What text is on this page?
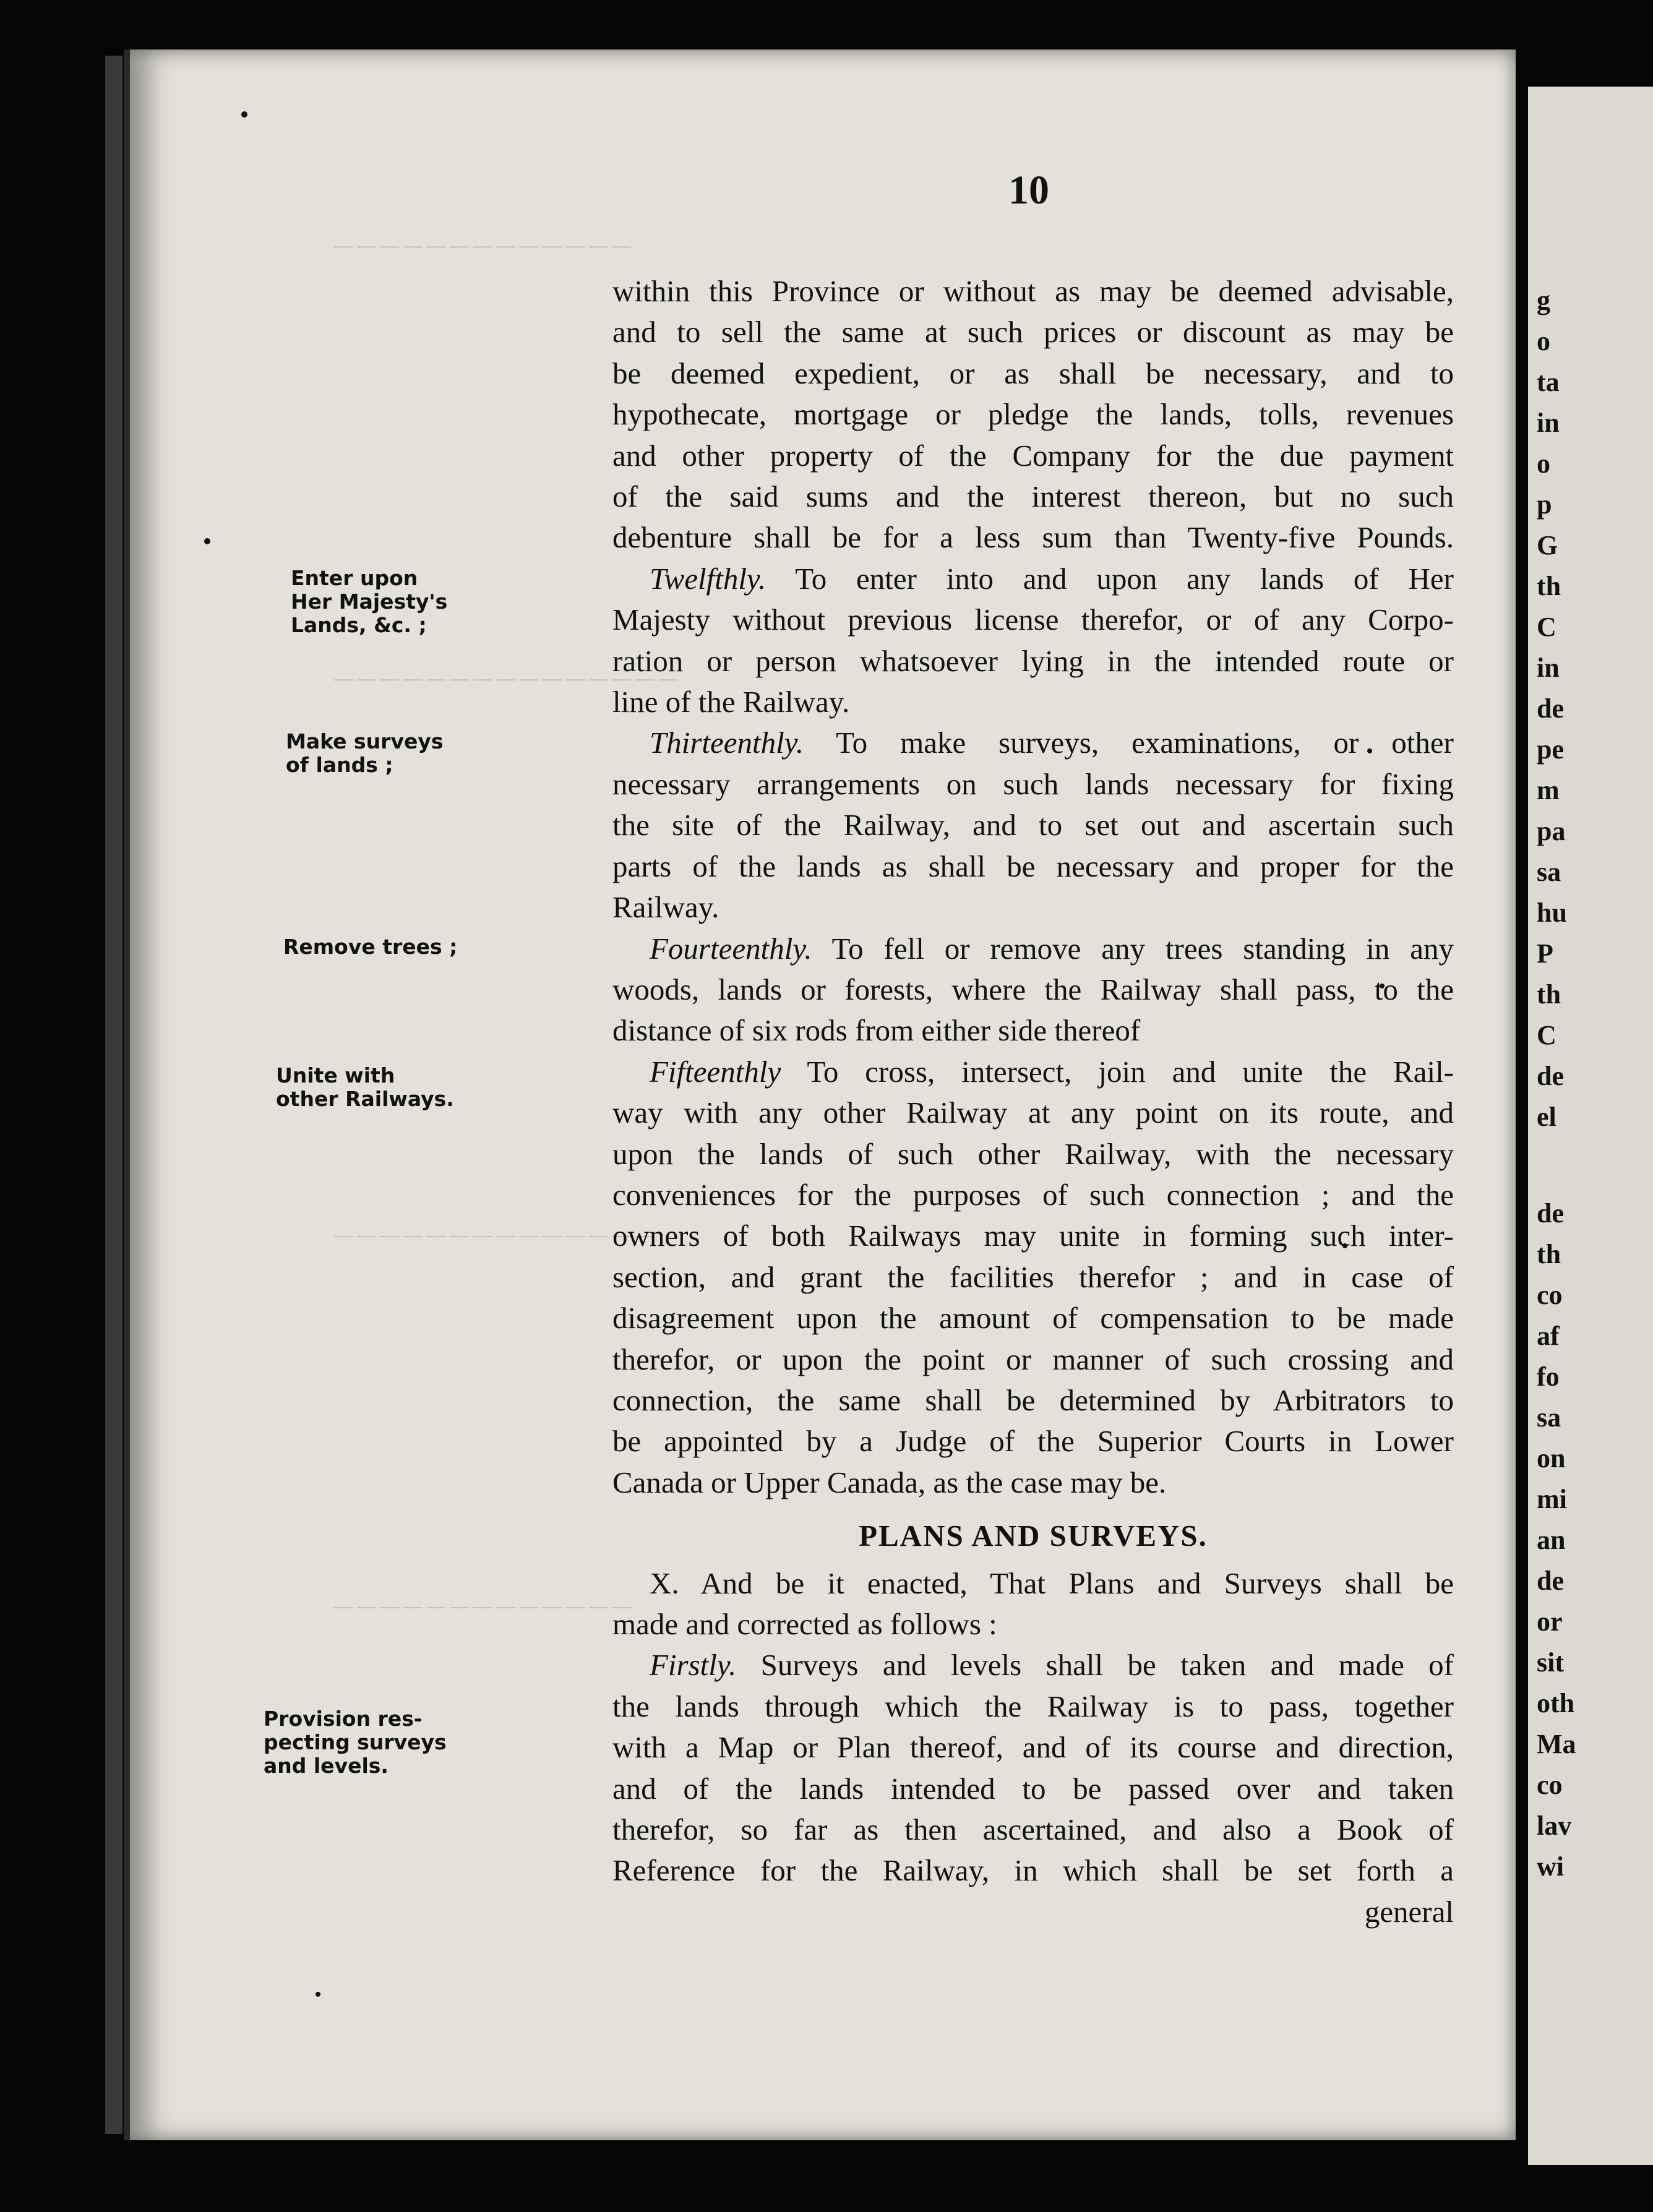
10
— — — — — — — — — — — — —
— — — — — — — — — — — — — — —
— — — — — — — — — — — — — —
— — — — — — — — — — — — —
Enter upon
Her Majesty's
Lands, &c. ;
Make surveys
of lands ;
Remove trees ;
Unite with
other Railways.
Provision res-
pecting surveys
and levels.
within this Province or without as may be deemed advisable,
and to sell the same at such prices or discount as may be
be deemed expedient, or as shall be necessary, and to
hypothecate, mortgage or pledge the lands, tolls, revenues
and other property of the Company for the due payment
of the said sums and the interest thereon, but no such
debenture shall be for a less sum than Twenty-five Pounds.
Twelfthly. To enter into and upon any lands of Her
Majesty without previous license therefor, or of any Corpo-
ration or person whatsoever lying in the intended route or
line of the Railway.
Thirteenthly. To make surveys, examinations, or other
necessary arrangements on such lands necessary for fixing
the site of the Railway, and to set out and ascertain such
parts of the lands as shall be necessary and proper for the
Railway.
Fourteenthly. To fell or remove any trees standing in any
woods, lands or forests, where the Railway shall pass, to the
distance of six rods from either side thereof
Fifteenthly To cross, intersect, join and unite the Rail-
way with any other Railway at any point on its route, and
upon the lands of such other Railway, with the necessary
conveniences for the purposes of such connection ; and the
owners of both Railways may unite in forming such inter-
section, and grant the facilities therefor ; and in case of
disagreement upon the amount of compensation to be made
therefor, or upon the point or manner of such crossing and
connection, the same shall be determined by Arbitrators to
be appointed by a Judge of the Superior Courts in Lower
Canada or Upper Canada, as the case may be.
PLANS AND SURVEYS.
X. And be it enacted, That Plans and Surveys shall be
made and corrected as follows :
Firstly. Surveys and levels shall be taken and made of
the lands through which the Railway is to pass, together
with a Map or Plan thereof, and of its course and direction,
and of the lands intended to be passed over and taken
therefor, so far as then ascertained, and also a Book of
Reference for the Railway, in which shall be set forth a
general
g
o
ta
in
o
p
G
th
C
in
de
pe
m
pa
sa
hu
P
th
C
de
el
de
th
co
af
fo
sa
on
mi
an
de
or
sit
oth
Ma
co
lav
wi
